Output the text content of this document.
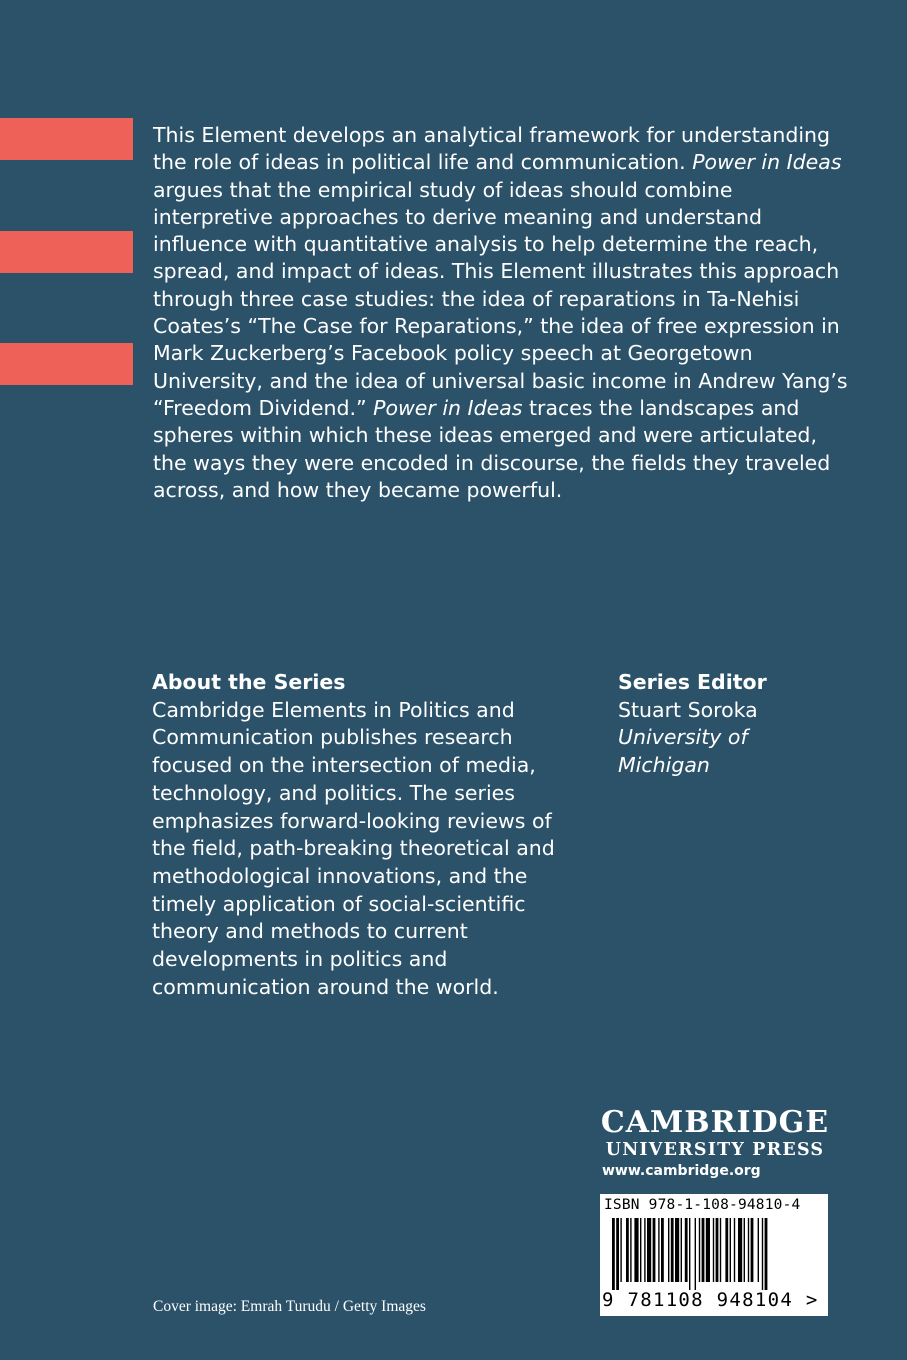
This Element develops an analytical framework for understanding the role of ideas in political life and communication. Power in Ideas argues that the empirical study of ideas should combine interpretive approaches to derive meaning and understand influence with quantitative analysis to help determine the reach, spread, and impact of ideas. This Element illustrates this approach through three case studies: the idea of reparations in Ta-Nehisi Coates’s “The Case for Reparations,” the idea of free expression in Mark Zuckerberg’s Facebook policy speech at Georgetown University, and the idea of universal basic income in Andrew Yang’s “Freedom Dividend.” Power in Ideas traces the landscapes and spheres within which these ideas emerged and were articulated, the ways they were encoded in discourse, the fields they traveled across, and how they became powerful.

About the Series

Cambridge Elements in Politics and Communication publishes research focused on the intersection of media, technology, and politics. The series emphasizes forward-looking reviews of the field, path-breaking theoretical and methodological innovations, and the timely application of social-scientific theory and methods to current developments in politics and communication around the world.

Series Editor

Stuart Soroka

University of Michigan

CAMBRIDGE
UNIVERSITY PRESS
www.cambridge.org
ISBN 978-1-108-94810-4
9 781108 948104 >
Cover image: Emrah Turudu / Getty Images
